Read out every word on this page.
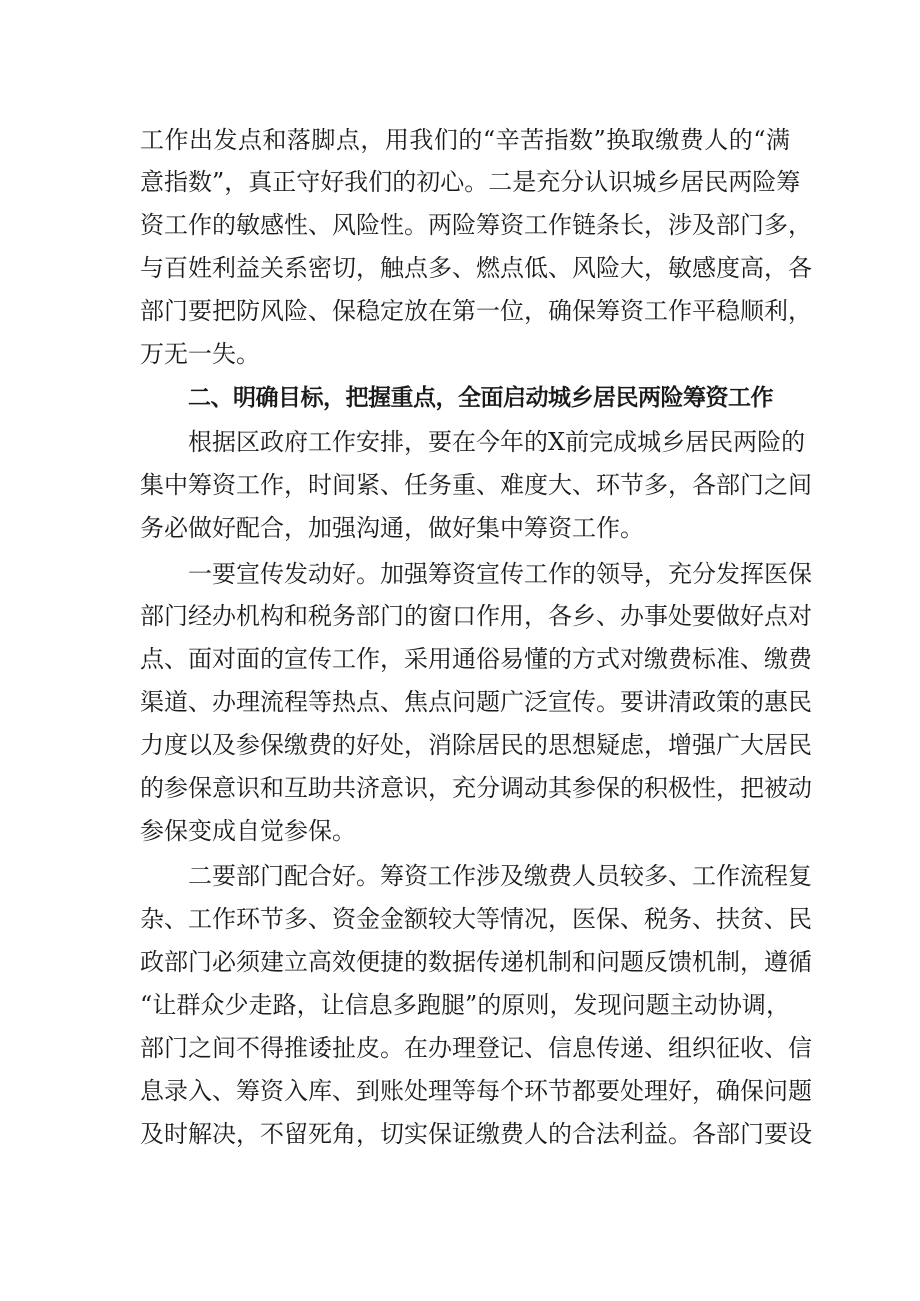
工作出发点和落脚点，用我们的“辛苦指数”换取缴费人的“满
意指数”，真正守好我们的初心。二是充分认识城乡居民两险筹
资工作的敏感性、风险性。两险筹资工作链条长，涉及部门多，
与百姓利益关系密切，触点多、燃点低、风险大，敏感度高，各
部门要把防风险、保稳定放在第一位，确保筹资工作平稳顺利，
万无一失。
二、明确目标，把握重点，全面启动城乡居民两险筹资工作
根据区政府工作安排，要在今年的X前完成城乡居民两险的
集中筹资工作，时间紧、任务重、难度大、环节多，各部门之间
务必做好配合，加强沟通，做好集中筹资工作。
一要宣传发动好。加强筹资宣传工作的领导，充分发挥医保
部门经办机构和税务部门的窗口作用，各乡、办事处要做好点对
点、面对面的宣传工作，采用通俗易懂的方式对缴费标准、缴费
渠道、办理流程等热点、焦点问题广泛宣传。要讲清政策的惠民
力度以及参保缴费的好处，消除居民的思想疑虑，增强广大居民
的参保意识和互助共济意识，充分调动其参保的积极性，把被动
参保变成自觉参保。
二要部门配合好。筹资工作涉及缴费人员较多、工作流程复
杂、工作环节多、资金金额较大等情况，医保、税务、扶贫、民
政部门必须建立高效便捷的数据传递机制和问题反馈机制，遵循
“让群众少走路，让信息多跑腿”的原则，发现问题主动协调，
部门之间不得推诿扯皮。在办理登记、信息传递、组织征收、信
息录入、筹资入库、到账处理等每个环节都要处理好，确保问题
及时解决，不留死角，切实保证缴费人的合法利益。各部门要设
